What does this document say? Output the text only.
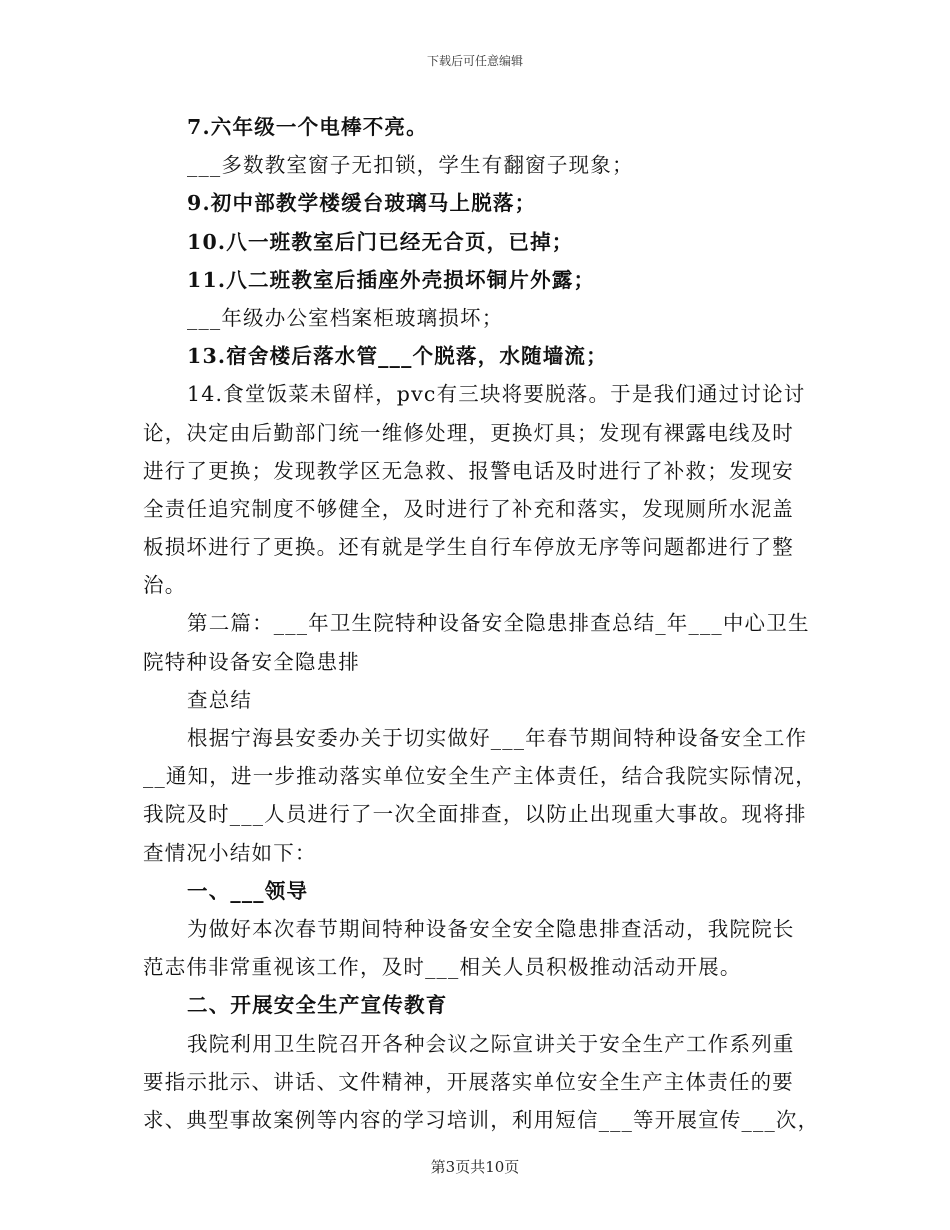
下载后可任意编辑
7.六年级一个电棒不亮。
___多数教室窗子无扣锁，学生有翻窗子现象；
9.初中部教学楼缓台玻璃马上脱落；
10.八一班教室后门已经无合页，已掉；
11.八二班教室后插座外壳损坏铜片外露；
___年级办公室档案柜玻璃损坏；
13.宿舍楼后落水管___个脱落，水随墙流；
14.食堂饭菜未留样，pvc有三块将要脱落。于是我们通过讨论讨
论，决定由后勤部门统一维修处理，更换灯具；发现有裸露电线及时
进行了更换；发现教学区无急救、报警电话及时进行了补救；发现安
全责任追究制度不够健全，及时进行了补充和落实，发现厕所水泥盖
板损坏进行了更换。还有就是学生自行车停放无序等问题都进行了整
治。
第二篇：___年卫生院特种设备安全隐患排查总结_年___中心卫生
院特种设备安全隐患排
查总结
根据宁海县安委办关于切实做好___年春节期间特种设备安全工作
__通知，进一步推动落实单位安全生产主体责任，结合我院实际情况，
我院及时___人员进行了一次全面排查，以防止出现重大事故。现将排
查情况小结如下：
一、___领导
为做好本次春节期间特种设备安全安全隐患排查活动，我院院长
范志伟非常重视该工作，及时___相关人员积极推动活动开展。
二、开展安全生产宣传教育
我院利用卫生院召开各种会议之际宣讲关于安全生产工作系列重
要指示批示、讲话、文件精神，开展落实单位安全生产主体责任的要
求、典型事故案例等内容的学习培训，利用短信___等开展宣传___次，
第3页共10页
